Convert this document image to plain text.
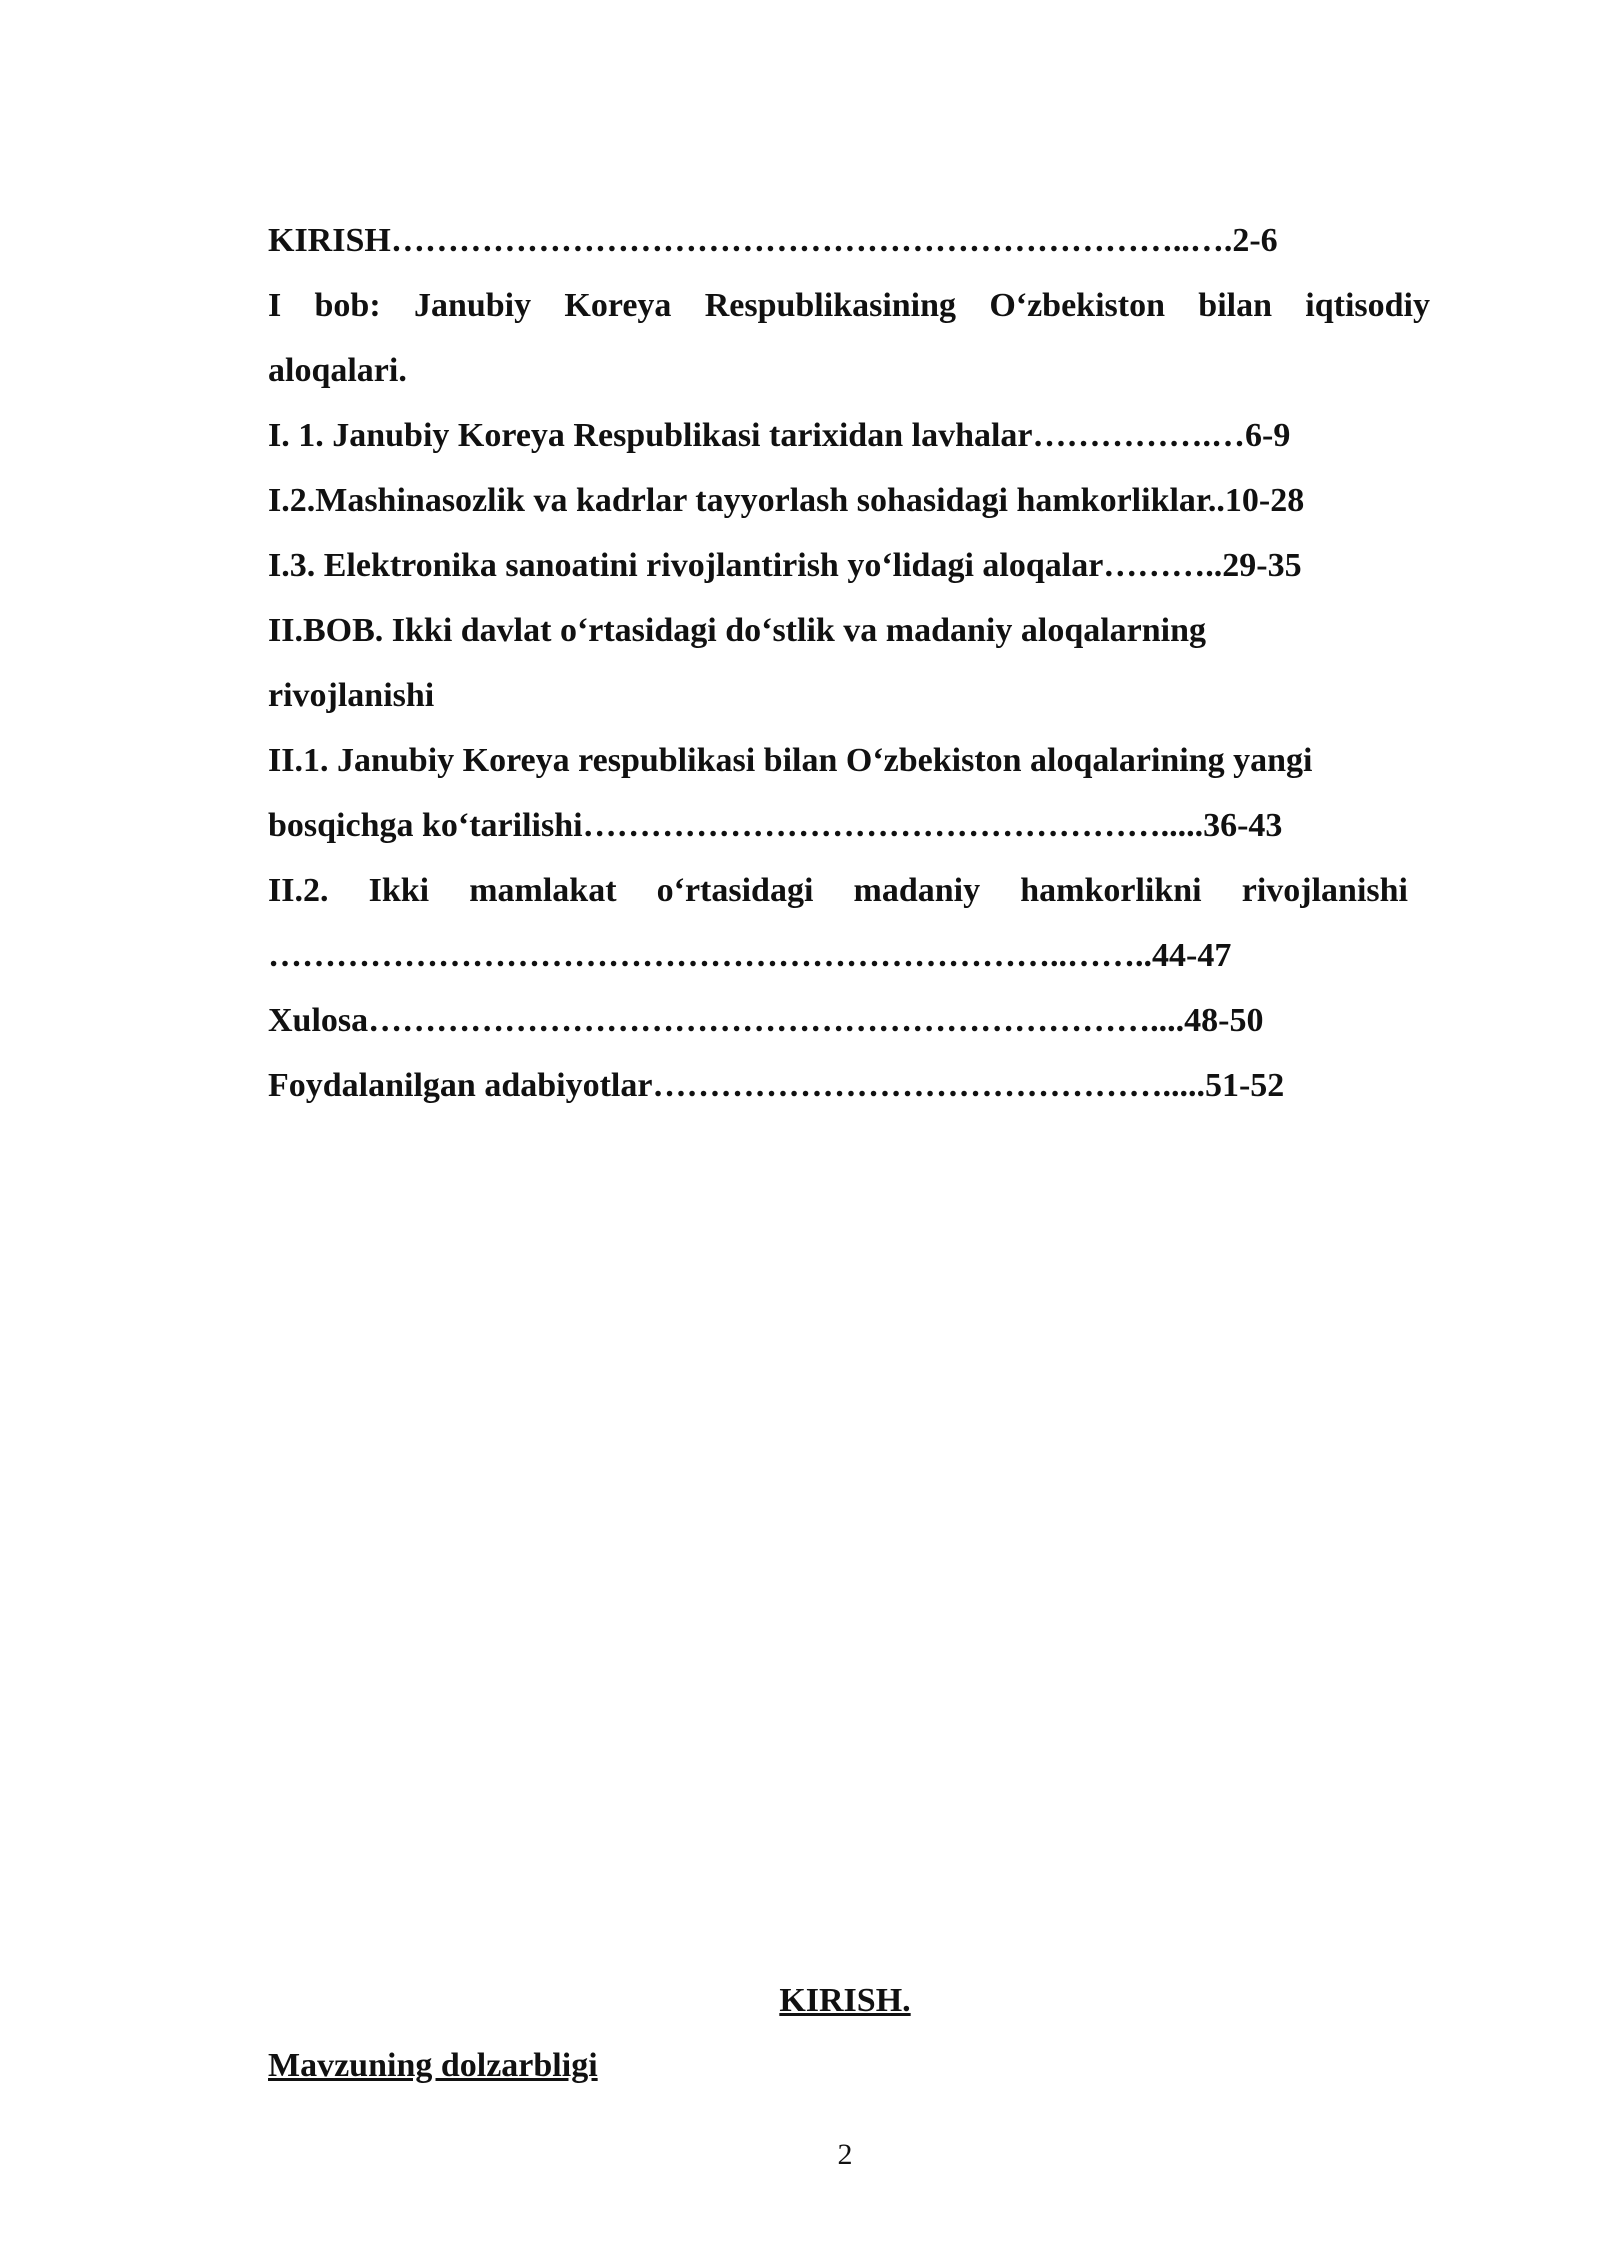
KIRISH……………………………………………………………..….2-6
I bob: Janubiy Koreya Respublikasining O‘zbekiston bilan iqtisodiy
aloqalari.
I. 1. Janubiy Koreya Respublikasi tarixidan lavhalar…………….…6-9
I.2.Mashinasozlik va kadrlar tayyorlash sohasidagi hamkorliklar..10-28
I.3. Elektronika sanoatini rivojlantirish yo‘lidagi aloqalar………..29-35
II.BOB. Ikki davlat o‘rtasidagi do‘stlik va madaniy aloqalarning
rivojlanishi
II.1. Janubiy Koreya respublikasi bilan O‘zbekiston aloqalarining yangi
bosqichga ko‘tarilishi…………………………………………….....36-43
II.2. Ikki mamlakat o‘rtasidagi madaniy hamkorlikni rivojlanishi
……………………………………………………………..……..44-47
Xulosa……………………………………………………………....48-50
Foydalanilgan adabiyotlar……………………………………….....51-52
KIRISH.
Mavzuning dolzarbligi
2
